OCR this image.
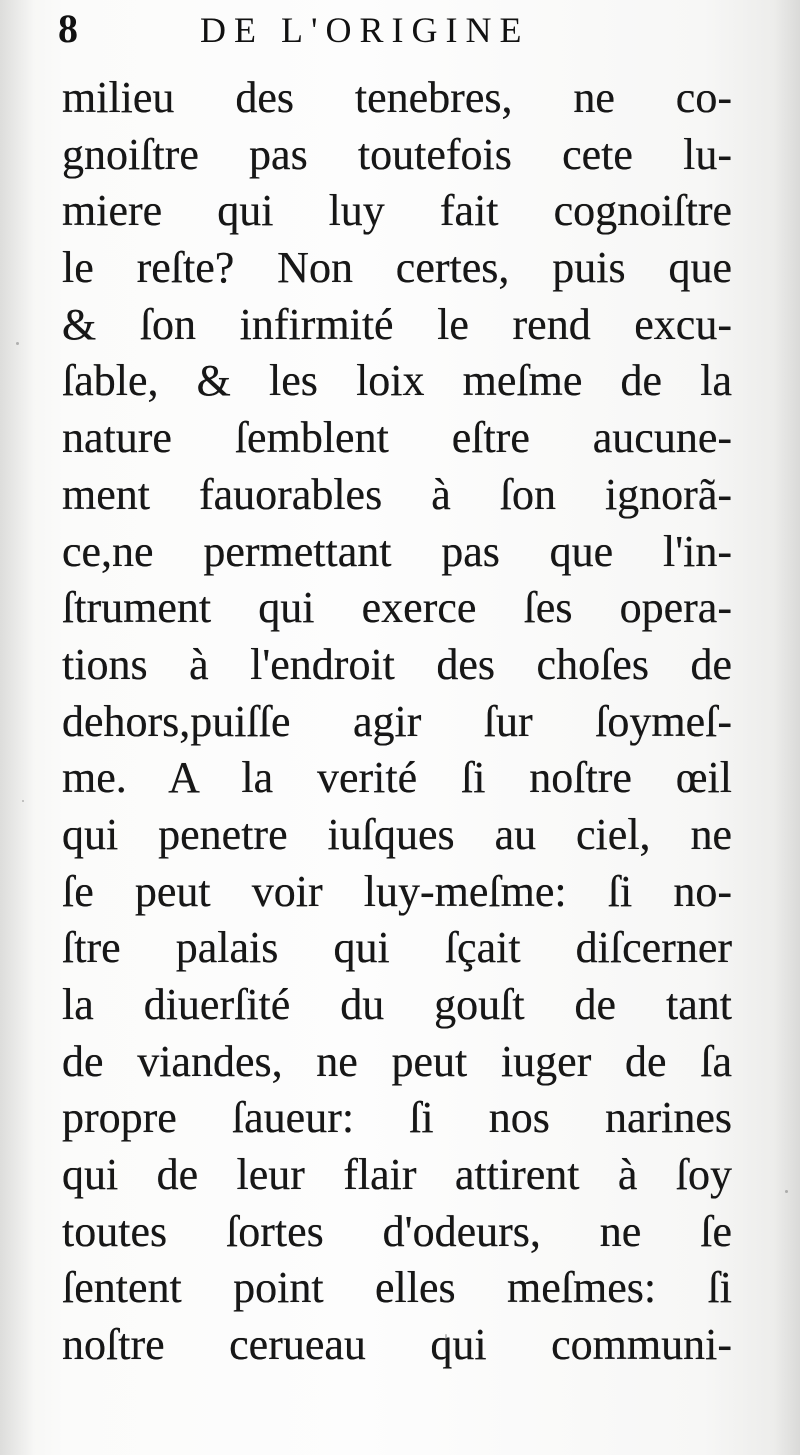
8	DE L'ORIGINE
milieu des tenebres, ne co-
gnoiſtre pas toutefois cete lu-
miere qui luy fait cognoiſtre
le reſte? Non certes, puis que
& ſon infirmité le rend excu-
ſable, & les loix meſme de la
nature ſemblent eſtre aucune-
ment fauorables à ſon ignorã-
ce,ne permettant pas que l'in-
ſtrument qui exerce ſes opera-
tions à l'endroit des choſes de
dehors,puiſſe agir ſur ſoymeſ-
me. A la verité ſi noſtre œil
qui penetre iuſques au ciel, ne
ſe peut voir luy-meſme: ſi no-
ſtre palais qui ſçait diſcerner
la diuerſité du gouſt de tant
de viandes, ne peut iuger de ſa
propre ſaueur: ſi nos narines
qui de leur flair attirent à ſoy
toutes ſortes d'odeurs, ne ſe
ſentent point elles meſmes: ſi
noſtre cerueau qui communi-
